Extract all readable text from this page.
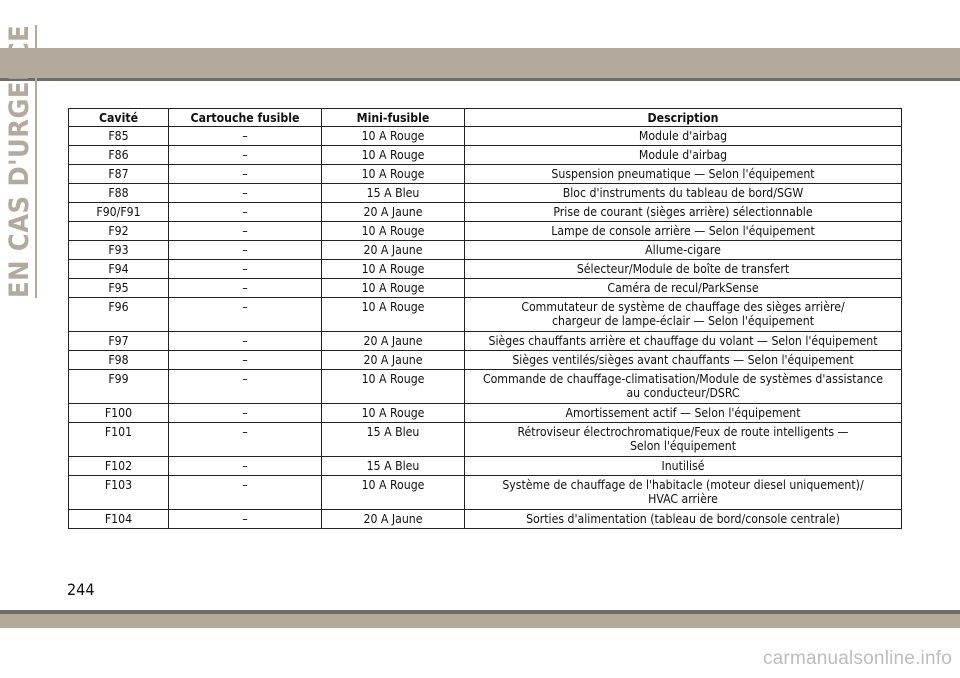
EN CAS D'URGENCE	Cavité	Cartouche fusible	Mini-fusible	Description
F85	–	10 A Rouge	Module d'airbag

F86	–	10 A Rouge	Module d'airbag

F87	–	10 A Rouge	Suspension pneumatique — Selon l'équipement

F88	–	15 A Bleu	Bloc d'instruments du tableau de bord/SGW

F90/F91	–	20 A Jaune	Prise de courant (sièges arrière) sélectionnable

F92	–	10 A Rouge	Lampe de console arrière — Selon l'équipement

F93	–	20 A Jaune	Allume-cigare

F94	–	10 A Rouge	Sélecteur/Module de boîte de transfert

F95	–	10 A Rouge	Caméra de recul/ParkSense

F96	–	10 A Rouge	Commutateur de système de chauffage des sièges arrière/
chargeur de lampe-éclair — Selon l'équipement

F97	–	20 A Jaune	Sièges chauffants arrière et chauffage du volant — Selon l'équipement

F98	–	20 A Jaune	Sièges ventilés/sièges avant chauffants — Selon l'équipement

F99	–	10 A Rouge	Commande de chauffage-climatisation/Module de systèmes d'assistance
au conducteur/DSRC

F100	–	10 A Rouge	Amortissement actif — Selon l'équipement

F101	–	15 A Bleu	Rétroviseur électrochromatique/Feux de route intelligents —
Selon l'équipement

F102	–	15 A Bleu	Inutilisé

F103	–	10 A Rouge	Système de chauffage de l'habitacle (moteur diesel uniquement)/
HVAC arrière

F104	–	20 A Jaune	Sorties d'alimentation (tableau de bord/console centrale)
244
carmanualsonline.info
